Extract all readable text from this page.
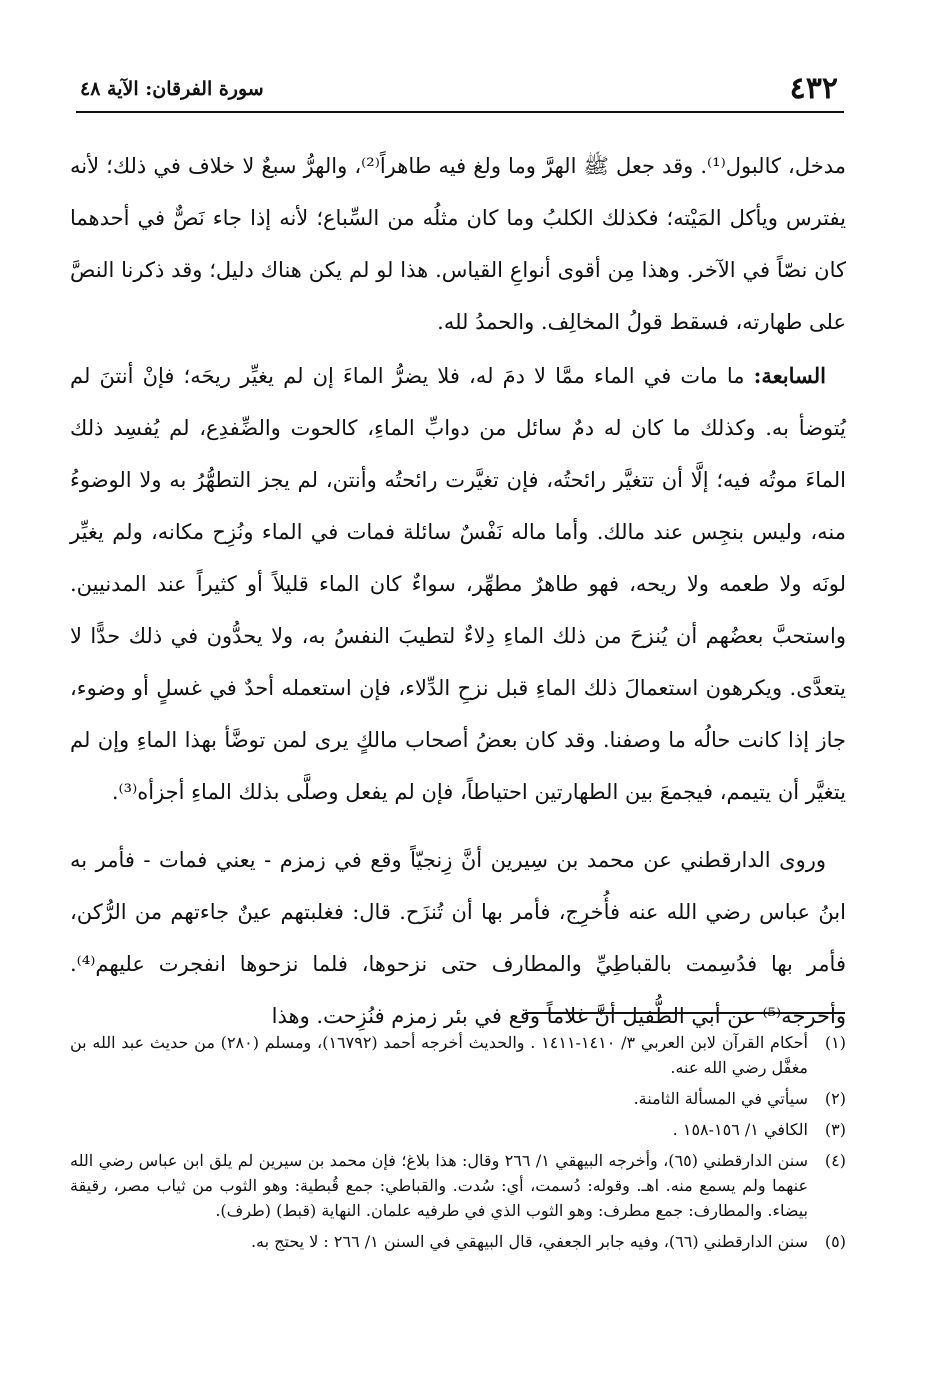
٤٣٢
سورة الفرقان: الآية ٤٨

مدخل، كالبول⁽¹⁾. وقد جعل ﷺ الهرَّ وما ولغ فيه طاهراً⁽²⁾، والهرُّ سبعٌ لا خلاف في ذلك؛ لأنه يفترس ويأكل المَيْته؛ فكذلك الكلبُ وما كان مثلُه من السِّباع؛ لأنه إذا جاء نَصٌّ في أحدهما كان نصّاً في الآخر. وهذا مِن أقوى أنواعِ القياس. هذا لو لم يكن هناك دليل؛ وقد ذكرنا النصَّ على طهارته، فسقط قولُ المخالِف. والحمدُ لله.

السابعة: ما مات في الماء ممَّا لا دمَ له، فلا يضرُّ الماءَ إن لم يغيِّر ريحَه؛ فإنْ أنتنَ لم يُتوضأ به. وكذلك ما كان له دمٌ سائل من دوابِّ الماءِ، كالحوت والضِّفدِع، لم يُفسِد ذلك الماءَ موتُه فيه؛ إلَّا أن تتغيَّر رائحتُه، فإن تغيَّرت رائحتُه وأنتن، لم يجز التطهُّرُ به ولا الوضوءُ منه، وليس بنجِس عند مالك. وأما ماله نَفْسٌ سائلة فمات في الماء ونُزِح مكانه، ولم يغيِّر لونَه ولا طعمه ولا ريحه، فهو طاهرٌ مطهِّر، سواءٌ كان الماء قليلاً أو كثيراً عند المدنيين. واستحبَّ بعضُهم أن يُنزحَ من ذلك الماءِ دِلاءٌ لتطيبَ النفسُ به، ولا يحدُّون في ذلك حدًّا لا يتعدَّى. ويكرهون استعمالَ ذلك الماءِ قبل نزحِ الدِّلاء، فإن استعمله أحدٌ في غسلٍ أو وضوء، جاز إذا كانت حالُه ما وصفنا. وقد كان بعضُ أصحاب مالكٍ يرى لمن توضَّأ بهذا الماءِ وإن لم يتغيَّر أن يتيمم، فيجمعَ بين الطهارتين احتياطاً، فإن لم يفعل وصلَّى بذلك الماءِ أجزأه⁽³⁾.

وروى الدارقطني عن محمد بن سِيرين أنَّ زِنجيّاً وقع في زمزم - يعني فمات - فأمر به ابنُ عباس رضي الله عنه فأُخرِج، فأمر بها أن تُنزَح. قال: فغلبتهم عينٌ جاءتهم من الرُّكن، فأمر بها فدُسِمت بالقباطِيِّ والمطارف حتى نزحوها، فلما نزحوها انفجرت عليهم⁽⁴⁾. وأخرجه⁽⁵⁾ عن أبي الطُّفيل أنَّ غلاماً وقع في بئر زمزم فنُزِحت. وهذا

(١)
أحكام القرآن لابن العربي ٣/ ١٤١٠-١٤١١ . والحديث أخرجه أحمد (١٦٧٩٢)، ومسلم (٢٨٠) من حديث عبد الله بن مغفَّل رضي الله عنه.
(٢)
سيأتي في المسألة الثامنة.
(٣)
الكافي ١/ ١٥٦-١٥٨ .
(٤)
سنن الدارقطني (٦٥)، وأخرجه البيهقي ١/ ٢٦٦ وقال: هذا بلاغ؛ فإن محمد بن سيرين لم يلق ابن عباس رضي الله عنهما ولم يسمع منه. اهـ. وقوله: دُسمت، أي: سُدت. والقباطي: جمع قُبطية: وهو الثوب من ثياب مصر، رقيقة بيضاء. والمطارف: جمع مطرف: وهو الثوب الذي في طرفيه علمان. النهاية (قبط) (طرف).
(٥)
سنن الدارقطني (٦٦)، وفيه جابر الجعفي، قال البيهقي في السنن ١/ ٢٦٦ : لا يحتج به.
